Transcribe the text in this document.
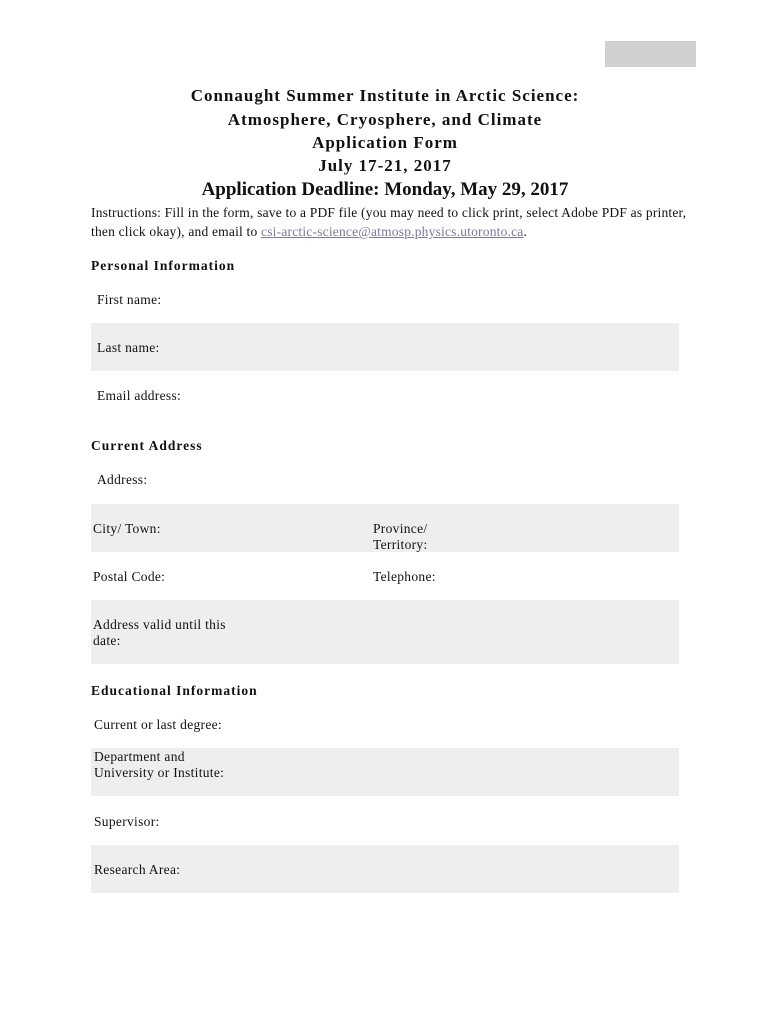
Connaught Summer Institute in Arctic Science:
Atmosphere, Cryosphere, and Climate
Application Form
July 17-21, 2017
Application Deadline: Monday, May 29, 2017
Instructions: Fill in the form, save to a PDF file (you may need to click print, select Adobe PDF as printer, then click okay), and email to csi-arctic-science@atmosp.physics.utoronto.ca.
Personal Information
First name:
Last name:
Email address:
Current Address
Address:
City/ Town:	Province/
Territory:
Postal Code:	Telephone:
Address valid until this
date:
Educational Information
Current or last degree:
Department and
University or Institute:
Supervisor:
Research Area:
